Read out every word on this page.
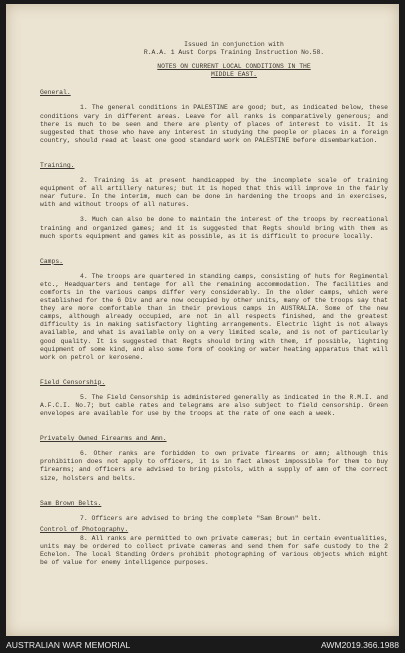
Issued in conjunction with
R.A.A. 1 Aust Corps Training Instruction No.58.
NOTES ON CURRENT LOCAL CONDITIONS IN THE
MIDDLE EAST.
General.

1. The general conditions in PALESTINE are good; but, as indicated below, these conditions vary in different areas. Leave for all ranks is comparatively generous; and there is much to be seen and there are plenty of places of interest to visit. It is suggested that those who have any interest in studying the people or places in a foreign country, should read at least one good standard work on PALESTINE before disembarkation.

Training.

2. Training is at present handicapped by the incomplete scale of training equipment of all artillery natures; but it is hoped that this will improve in the fairly near future. In the interim, much can be done in hardening the troops and in exercises, with and without troops of all natures.

3. Much can also be done to maintain the interest of the troops by recreational training and organized games; and it is suggested that Regts should bring with them as much sports equipment and games kit as possible, as it is difficult to procure locally.

Camps.

4. The troops are quartered in standing camps, consisting of huts for Regimental etc., Headquarters and tentage for all the remaining accommodation. The facilities and comforts in the various camps differ very considerably. In the older camps, which were established for the 6 Div and are now occupied by other units, many of the troops say that they are more comfortable than in their previous camps in AUSTRALIA. Some of the new camps, although already occupied, are not in all respects finished, and the greatest difficulty is in making satisfactory lighting arrangements. Electric light is not always available, and what is available only on a very limited scale, and is not of particularly good quality. It is suggested that Regts should bring with them, if possible, lighting equipment of some kind, and also some form of cooking or water heating apparatus that will work on petrol or kerosene.

Field Censorship.

5. The Field Censorship is administered generally as indicated in the R.M.I. and A.F.C.I. No.7; but cable rates and telegrams are also subject to field censorship. Green envelopes are available for use by the troops at the rate of one each a week.

Privately Owned Firearms and Amn.

6. Other ranks are forbidden to own private firearms or amn; although this prohibition does not apply to officers, it is in fact almost impossible for them to buy firearms; and officers are advised to bring pistols, with a supply of amn of the correct size, holsters and belts.

Sam Brown Belts.

7. Officers are advised to bring the complete "Sam Brown" belt.

Control of Photography.

8. All ranks are permitted to own private cameras; but in certain eventualities, units may be ordered to collect private cameras and send them for safe custody to the 2 Echelon. The local Standing Orders prohibit photographing of various objects which might be of value for enemy intelligence purposes.

AUSTRALIAN WAR MEMORIAL	AWM2019.366.1988
